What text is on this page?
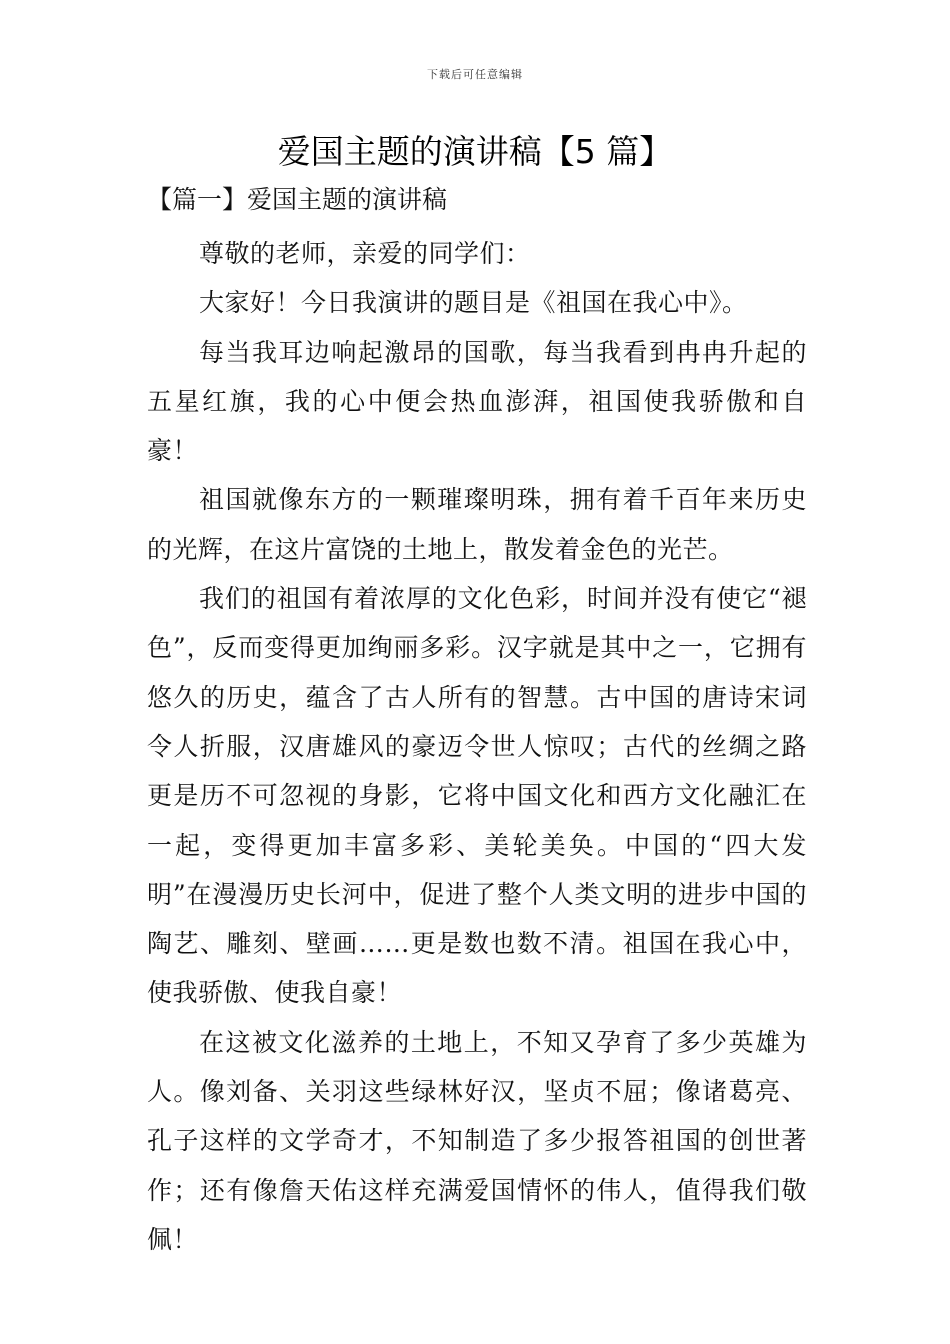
下载后可任意编辑
爱国主题的演讲稿【5 篇】
【篇一】爱国主题的演讲稿

尊敬的老师，亲爱的同学们：

大家好！今日我演讲的题目是《祖国在我心中》。

每当我耳边响起激昂的国歌，每当我看到冉冉升起的五星红旗，我的心中便会热血澎湃，祖国使我骄傲和自豪！

祖国就像东方的一颗璀璨明珠，拥有着千百年来历史的光辉，在这片富饶的土地上，散发着金色的光芒。

我们的祖国有着浓厚的文化色彩，时间并没有使它“褪色”，反而变得更加绚丽多彩。汉字就是其中之一，它拥有悠久的历史，蕴含了古人所有的智慧。古中国的唐诗宋词令人折服，汉唐雄风的豪迈令世人惊叹；古代的丝绸之路更是历不可忽视的身影，它将中国文化和西方文化融汇在一起，变得更加丰富多彩、美轮美奂。中国的“四大发明”在漫漫历史长河中，促进了整个人类文明的进步中国的陶艺、雕刻、壁画……更是数也数不清。祖国在我心中，使我骄傲、使我自豪！

在这被文化滋养的土地上，不知又孕育了多少英雄为人。像刘备、关羽这些绿林好汉，坚贞不屈；像诸葛亮、孔子这样的文学奇才，不知制造了多少报答祖国的创世著作；还有像詹天佑这样充满爱国情怀的伟人，值得我们敬佩！
